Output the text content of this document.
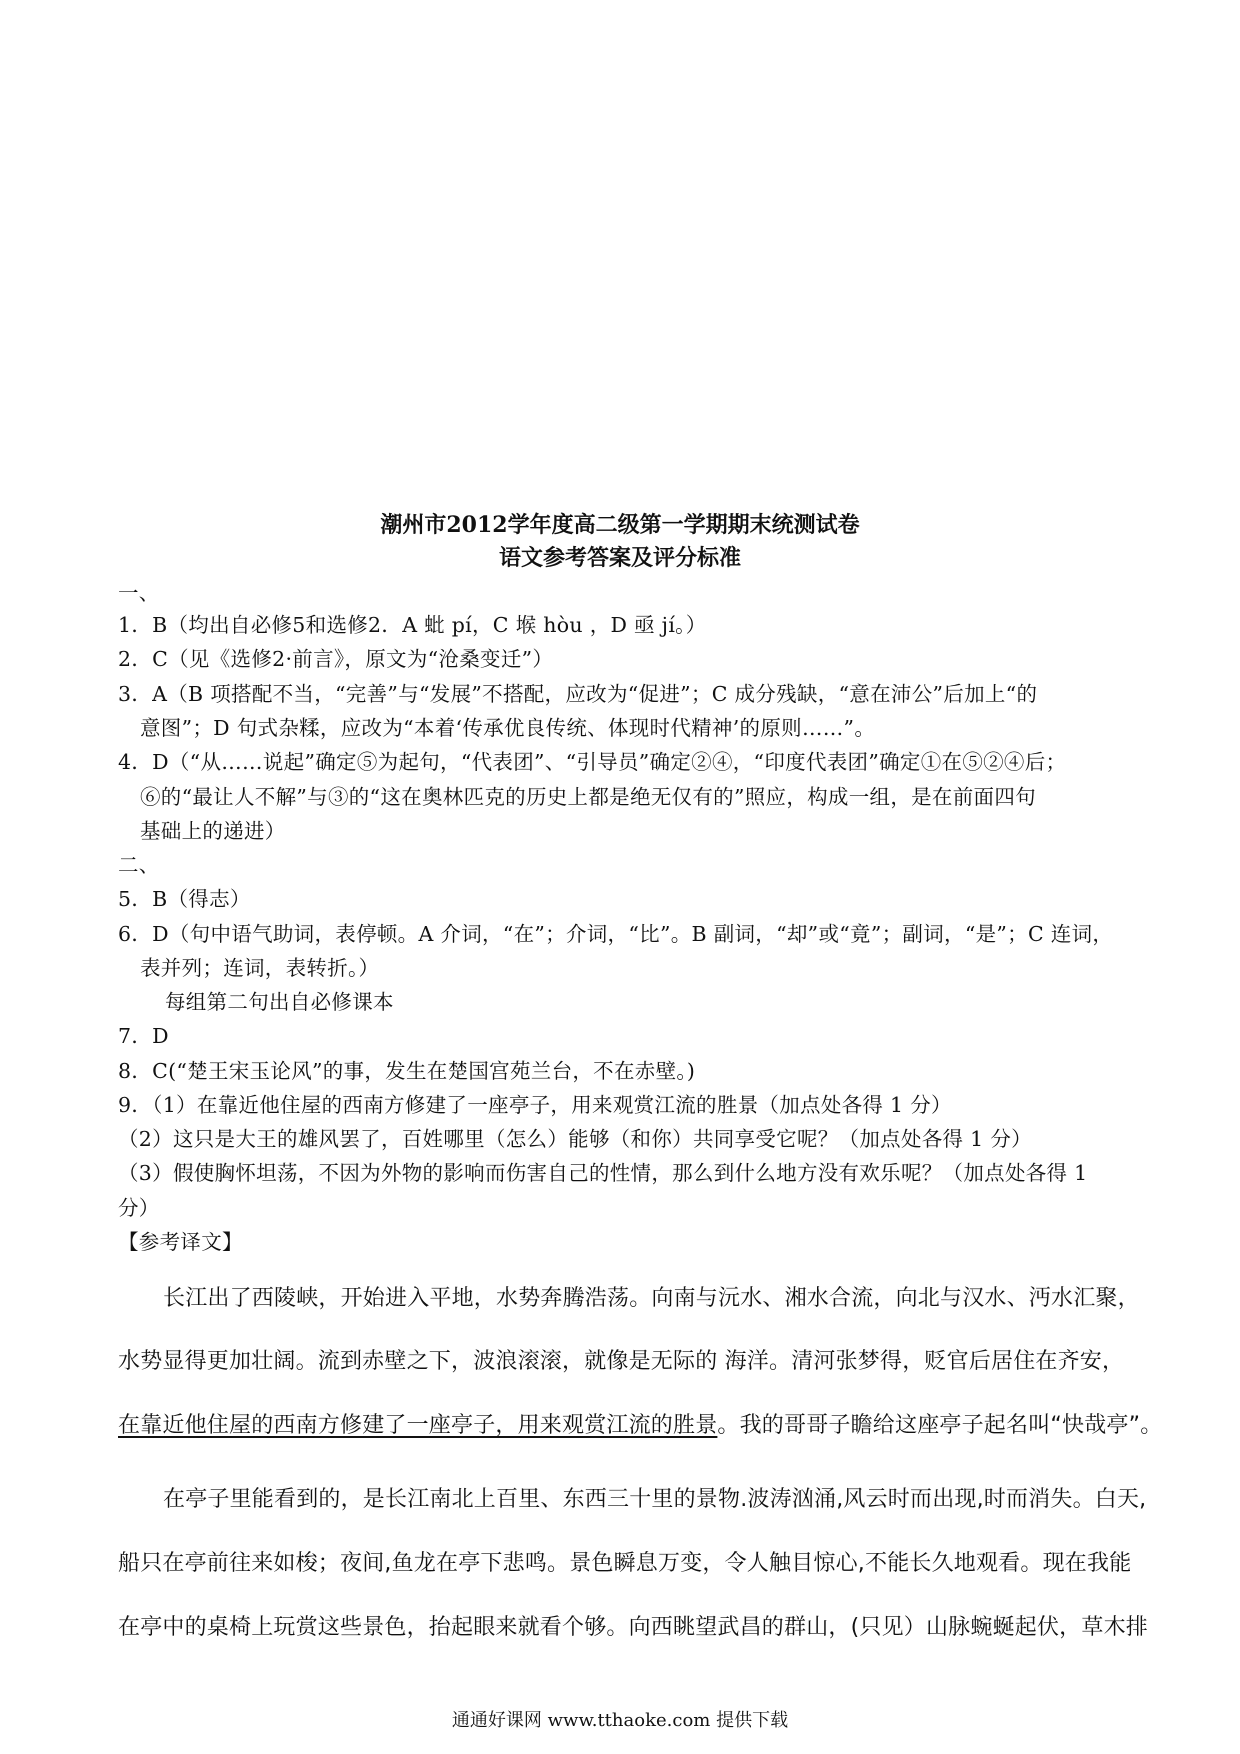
潮州市2012学年度高二级第一学期期末统测试卷
语文参考答案及评分标准
一、
1．B（均出自必修5和选修2．A 蚍 pí，C 堠 hòu ，D 亟 jí。）
2．C（见《选修2·前言》，原文为“沧桑变迁”）
3．A（B 项搭配不当，“完善”与“发展”不搭配，应改为“促进”；C 成分残缺，“意在沛公”后加上“的
意图”；D 句式杂糅，应改为“本着‘传承优良传统、体现时代精神’的原则……”。
4．D（“从……说起”确定⑤为起句，“代表团”、“引导员”确定②④，“印度代表团”确定①在⑤②④后；
⑥的“最让人不解”与③的“这在奥林匹克的历史上都是绝无仅有的”照应，构成一组，是在前面四句
基础上的递进）
二、
5．B（得志）
6．D（句中语气助词，表停顿。A 介词，“在”；介词，“比”。B 副词，“却”或“竟”；副词，“是”；C 连词，
表并列；连词，表转折。）
每组第二句出自必修课本
7．D
8．C(“楚王宋玉论风”的事，发生在楚国宫苑兰台，不在赤壁。)
9．（1）在靠近他住屋的西南方修建了一座亭子，用来观赏江流的胜景（加点处各得 1 分）
（2）这只是大王的雄风罢了，百姓哪里（怎么）能够（和你）共同享受它呢？（加点处各得 1 分）
（3）假使胸怀坦荡，不因为外物的影响而伤害自己的性情，那么到什么地方没有欢乐呢？（加点处各得 1
分）
【参考译文】
长江出了西陵峡，开始进入平地，水势奔腾浩荡。向南与沅水、湘水合流，向北与汉水、沔水汇聚，
水势显得更加壮阔。流到赤壁之下，波浪滚滚，就像是无际的 海洋。清河张梦得，贬官后居住在齐安，
在靠近他住屋的西南方修建了一座亭子，用来观赏江流的胜景。我的哥哥子瞻给这座亭子起名叫“快哉亭”。
在亭子里能看到的，是长江南北上百里、东西三十里的景物.波涛汹涌,风云时而出现,时而消失。白天,
船只在亭前往来如梭；夜间,鱼龙在亭下悲鸣。景色瞬息万变，令人触目惊心,不能长久地观看。现在我能
在亭中的桌椅上玩赏这些景色，抬起眼来就看个够。向西眺望武昌的群山，(只见）山脉蜿蜒起伏，草木排
通通好课网 www.tthaoke.com 提供下载
